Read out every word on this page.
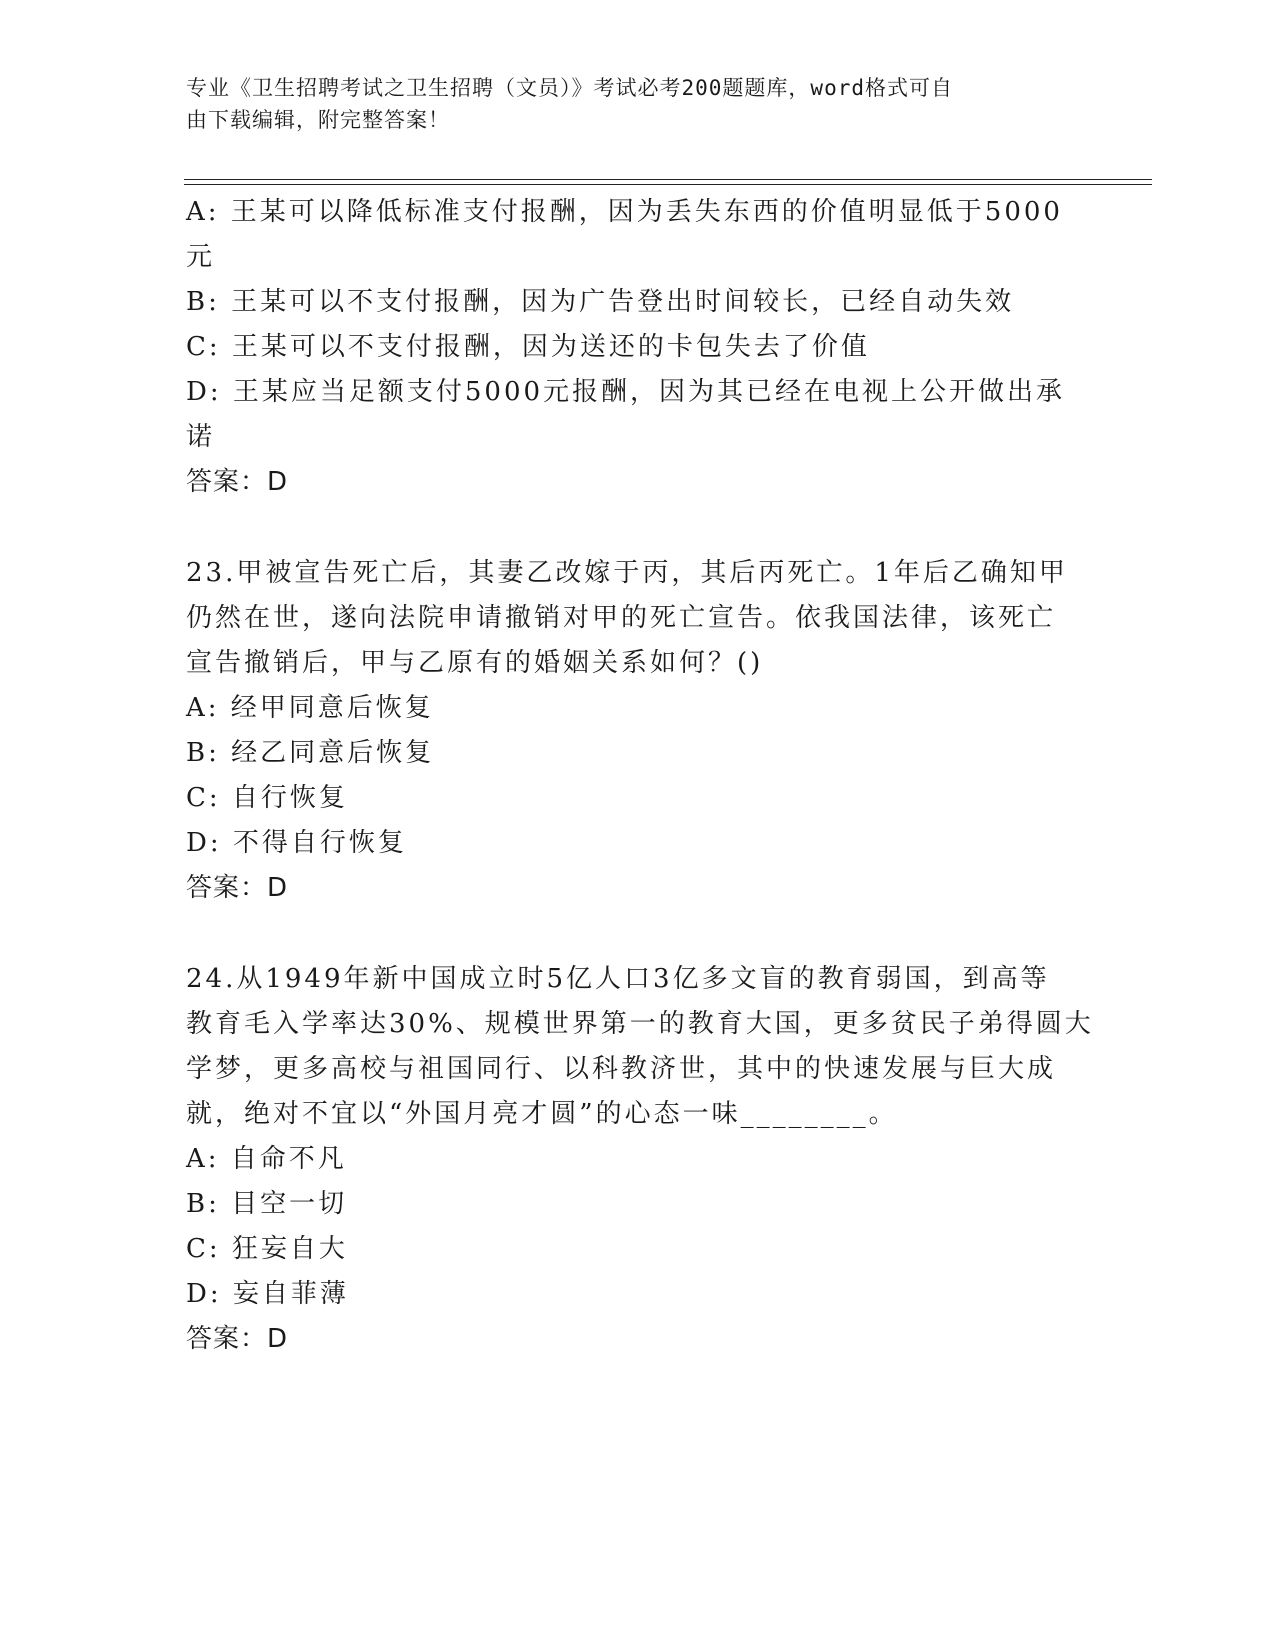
专业《卫生招聘考试之卫生招聘（文员）》考试必考200题题库，word格式可自
由下载编辑，附完整答案！

A: 王某可以降低标准支付报酬，因为丢失东西的价值明显低于5000

元

B: 王某可以不支付报酬，因为广告登出时间较长，已经自动失效

C: 王某可以不支付报酬，因为送还的卡包失去了价值

D: 王某应当足额支付5000元报酬，因为其已经在电视上公开做出承

诺

答案：D

23.甲被宣告死亡后，其妻乙改嫁于丙，其后丙死亡。1年后乙确知甲

仍然在世，遂向法院申请撤销对甲的死亡宣告。依我国法律，该死亡

宣告撤销后，甲与乙原有的婚姻关系如何？()

A: 经甲同意后恢复

B: 经乙同意后恢复

C: 自行恢复

D: 不得自行恢复

答案：D

24.从1949年新中国成立时5亿人口3亿多文盲的教育弱国，到高等

教育毛入学率达30%、规模世界第一的教育大国，更多贫民子弟得圆大

学梦，更多高校与祖国同行、以科教济世，其中的快速发展与巨大成

就，绝对不宜以“外国月亮才圆”的心态一味________。

A: 自命不凡

B: 目空一切

C: 狂妄自大

D: 妄自菲薄

答案：D
